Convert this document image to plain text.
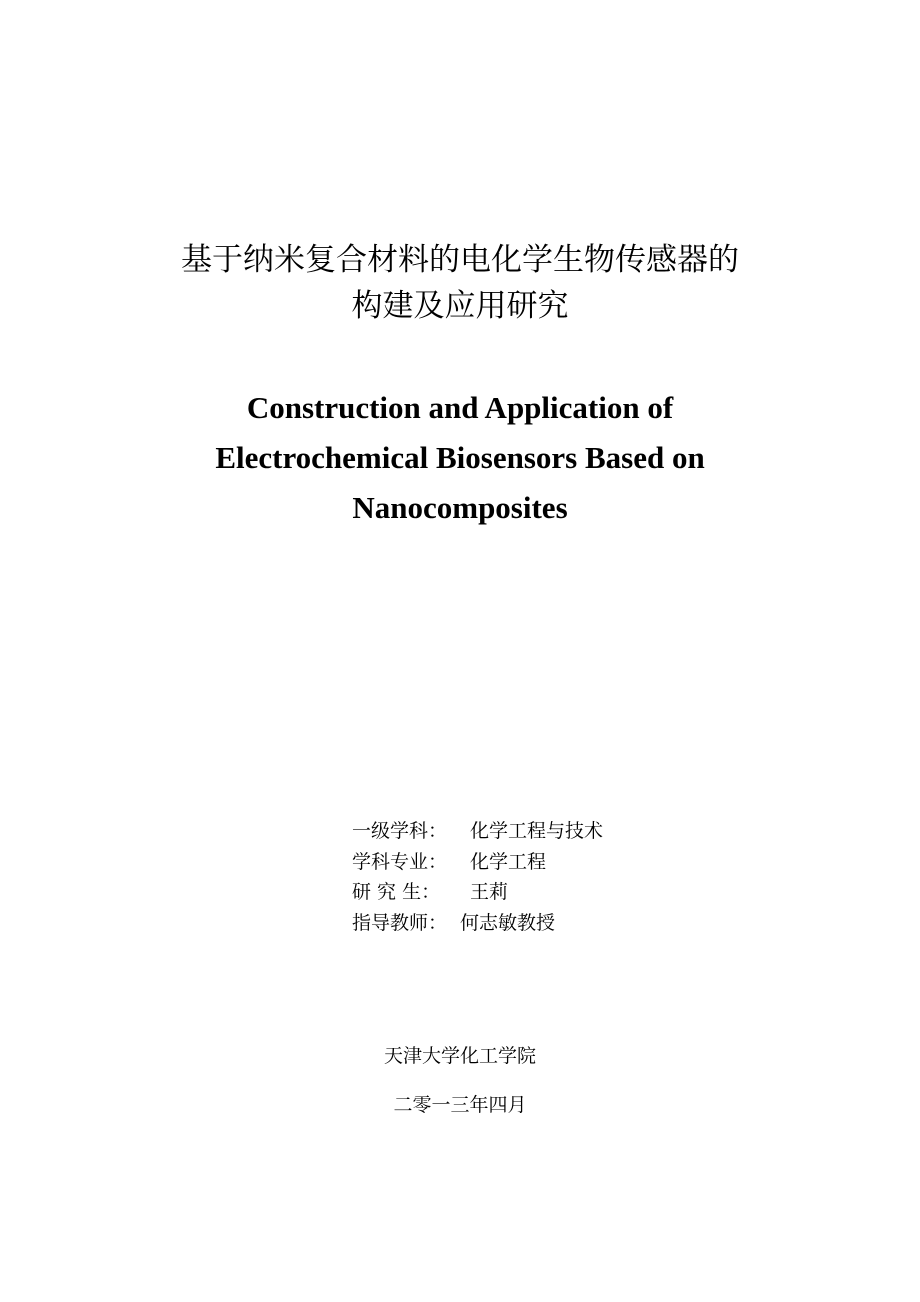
基于纳米复合材料的电化学生物传感器的
构建及应用研究
Construction and Application of
Electrochemical Biosensors Based on
Nanocomposites
一级学科：	化学工程与技术
学科专业：	化学工程
研 究 生：	王莉
指导教师： 何志敏教授
天津大学化工学院
二零一三年四月
